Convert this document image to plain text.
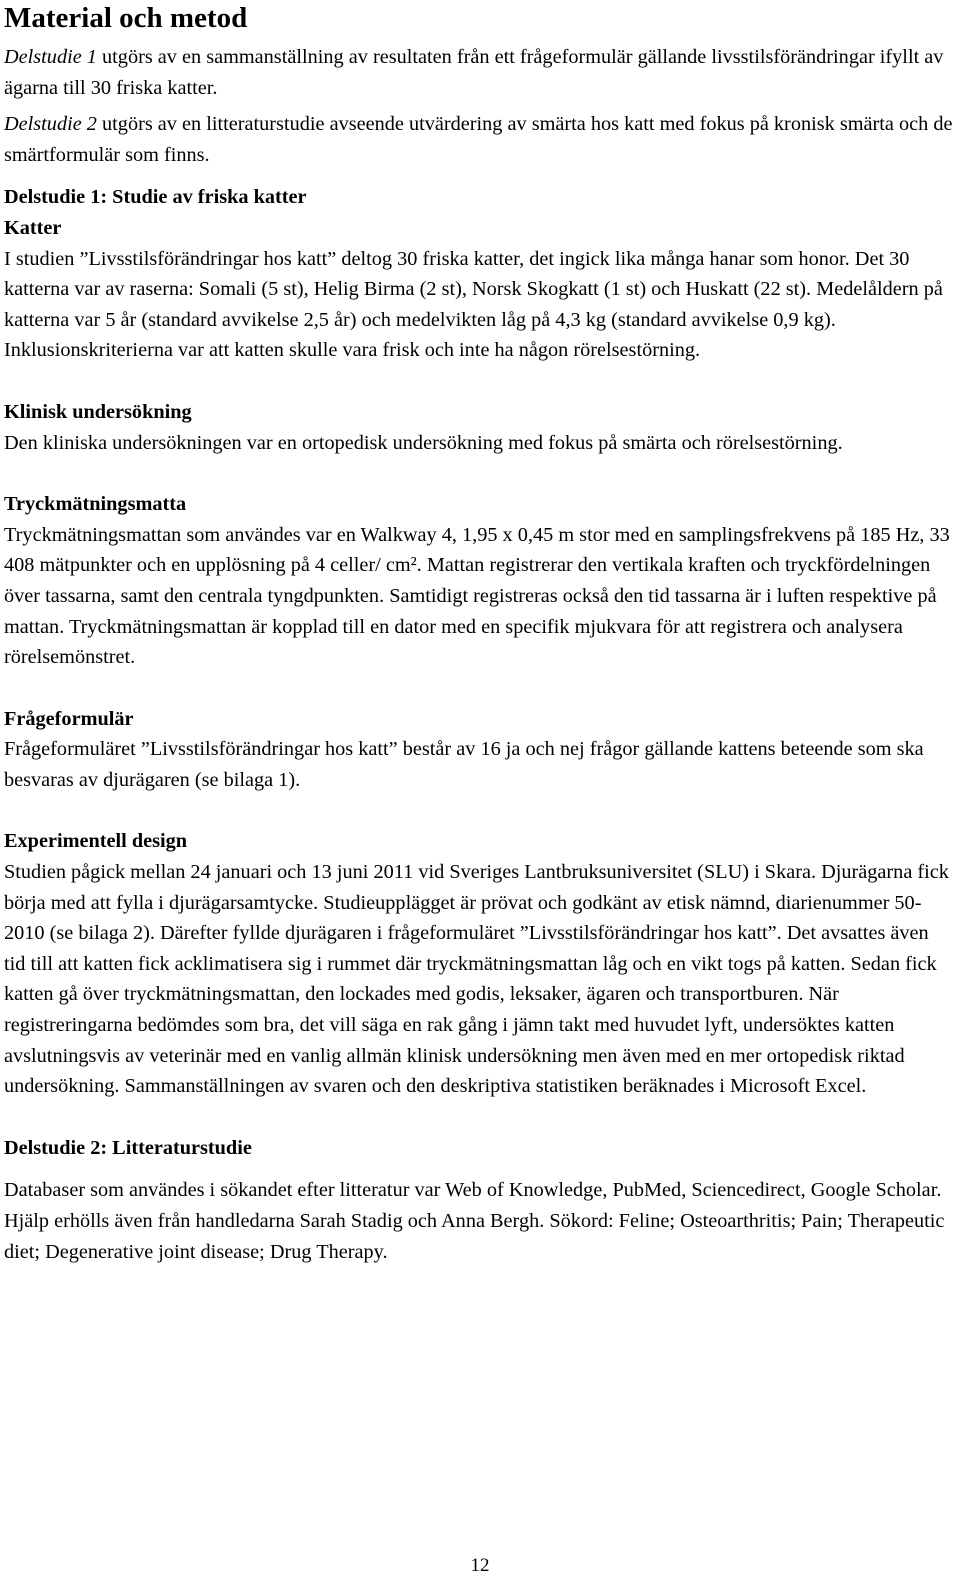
Material och metod

Delstudie 1 utgörs av en sammanställning av resultaten från ett frågeformulär gällande livsstilsförändringar ifyllt av ägarna till 30 friska katter.

Delstudie 2 utgörs av en litteraturstudie avseende utvärdering av smärta hos katt med fokus på kronisk smärta och de smärtformulär som finns.

Delstudie 1: Studie av friska katter

Katter

I studien ”Livsstilsförändringar hos katt” deltog 30 friska katter, det ingick lika många hanar som honor. Det 30 katterna var av raserna: Somali (5 st), Helig Birma (2 st), Norsk Skogkatt (1 st) och Huskatt (22 st). Medelåldern på katterna var 5 år (standard avvikelse 2,5 år) och medelvikten låg på 4,3 kg (standard avvikelse 0,9 kg). Inklusionskriterierna var att katten skulle vara frisk och inte ha någon rörelsestörning.

Klinisk undersökning

Den kliniska undersökningen var en ortopedisk undersökning med fokus på smärta och rörelsestörning.

Tryckmätningsmatta

Tryckmätningsmattan som användes var en Walkway 4, 1,95 x 0,45 m stor med en samplingsfrekvens på 185 Hz, 33 408 mätpunkter och en upplösning på 4 celler/ cm². Mattan registrerar den vertikala kraften och tryckfördelningen över tassarna, samt den centrala tyngdpunkten. Samtidigt registreras också den tid tassarna är i luften respektive på mattan. Tryckmätningsmattan är kopplad till en dator med en specifik mjukvara för att registrera och analysera rörelsemönstret.

Frågeformulär

Frågeformuläret ”Livsstilsförändringar hos katt” består av 16 ja och nej frågor gällande kattens beteende som ska besvaras av djurägaren (se bilaga 1).

Experimentell design

Studien pågick mellan 24 januari och 13 juni 2011 vid Sveriges Lantbruksuniversitet (SLU) i Skara. Djurägarna fick börja med att fylla i djurägarsamtycke. Studieupplägget är prövat och godkänt av etisk nämnd, diarienummer 50-2010 (se bilaga 2). Därefter fyllde djurägaren i frågeformuläret ”Livsstilsförändringar hos katt”. Det avsattes även tid till att katten fick acklimatisera sig i rummet där tryckmätningsmattan låg och en vikt togs på katten. Sedan fick katten gå över tryckmätningsmattan, den lockades med godis, leksaker, ägaren och transportburen. När registreringarna bedömdes som bra, det vill säga en rak gång i jämn takt med huvudet lyft, undersöktes katten avslutningsvis av veterinär med en vanlig allmän klinisk undersökning men även med en mer ortopedisk riktad undersökning. Sammanställningen av svaren och den deskriptiva statistiken beräknades i Microsoft Excel.

Delstudie 2: Litteraturstudie

Databaser som användes i sökandet efter litteratur var Web of Knowledge, PubMed, Sciencedirect, Google Scholar. Hjälp erhölls även från handledarna Sarah Stadig och Anna Bergh. Sökord: Feline; Osteoarthritis; Pain; Therapeutic diet; Degenerative joint disease; Drug Therapy.

12
